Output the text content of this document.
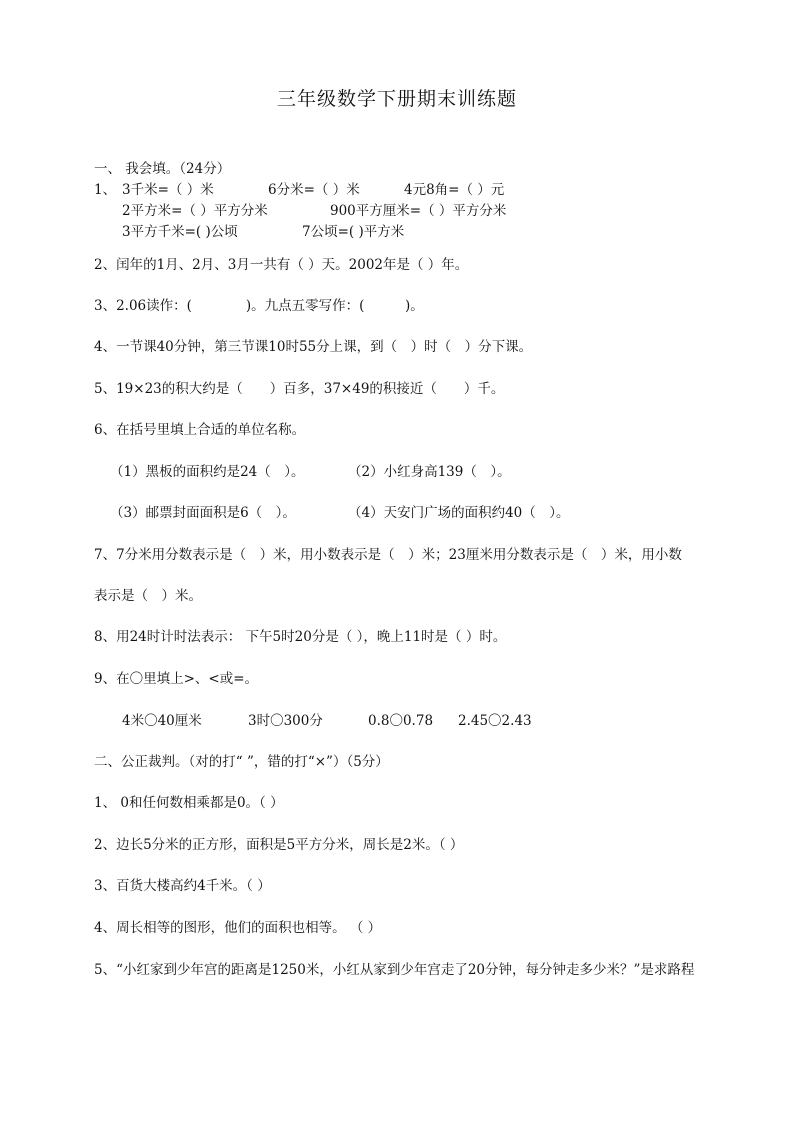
三年级数学下册期末训练题
一、 我会填。（24分）
1、 3千米=（ ）米	6分米=（ ）米	4元8角=（ ）元
2平方米=（ ）平方分米	900平方厘米=（ ）平方分米
3平方千米=( )公顷	7公顷=( )平方米
2、闰年的1月、2月、3月一共有（ ）天。2002年是（ ）年。
3、2.06读作：(　　　　)。九点五零写作：(　　　)。
4、一节课40分钟，第三节课10时55分上课，到（　）时（　）分下课。
5、19×23的积大约是（　　）百多，37×49的积接近（　　）千。
6、在括号里填上合适的单位名称。
（1）黑板的面积约是24（　）。	（2）小红身高139（　）。
（3）邮票封面面积是6（　）。	（4）天安门广场的面积约40（　）。
7、7分米用分数表示是（　）米，用小数表示是（　）米；23厘米用分数表示是（　）米，用小数
表示是（　）米。
8、用24时计时法表示： 下午5时20分是（ ），晚上11时是（ ）时。
9、在〇里填上>、<或=。
4米〇40厘米	3时〇300分	0.8〇0.78 2.45〇2.43
二、公正裁判。（对的打“ ”，错的打“×”）（5分）
1、 0和任何数相乘都是0。（ ）
2、边长5分米的正方形，面积是5平方分米，周长是2米。（ ）
3、百货大楼高约4千米。（ ）
4、周长相等的图形，他们的面积也相等。 （ ）
5、“小红家到少年宫的距离是1250米，小红从家到少年宫走了20分钟，每分钟走多少米？”是求路程
